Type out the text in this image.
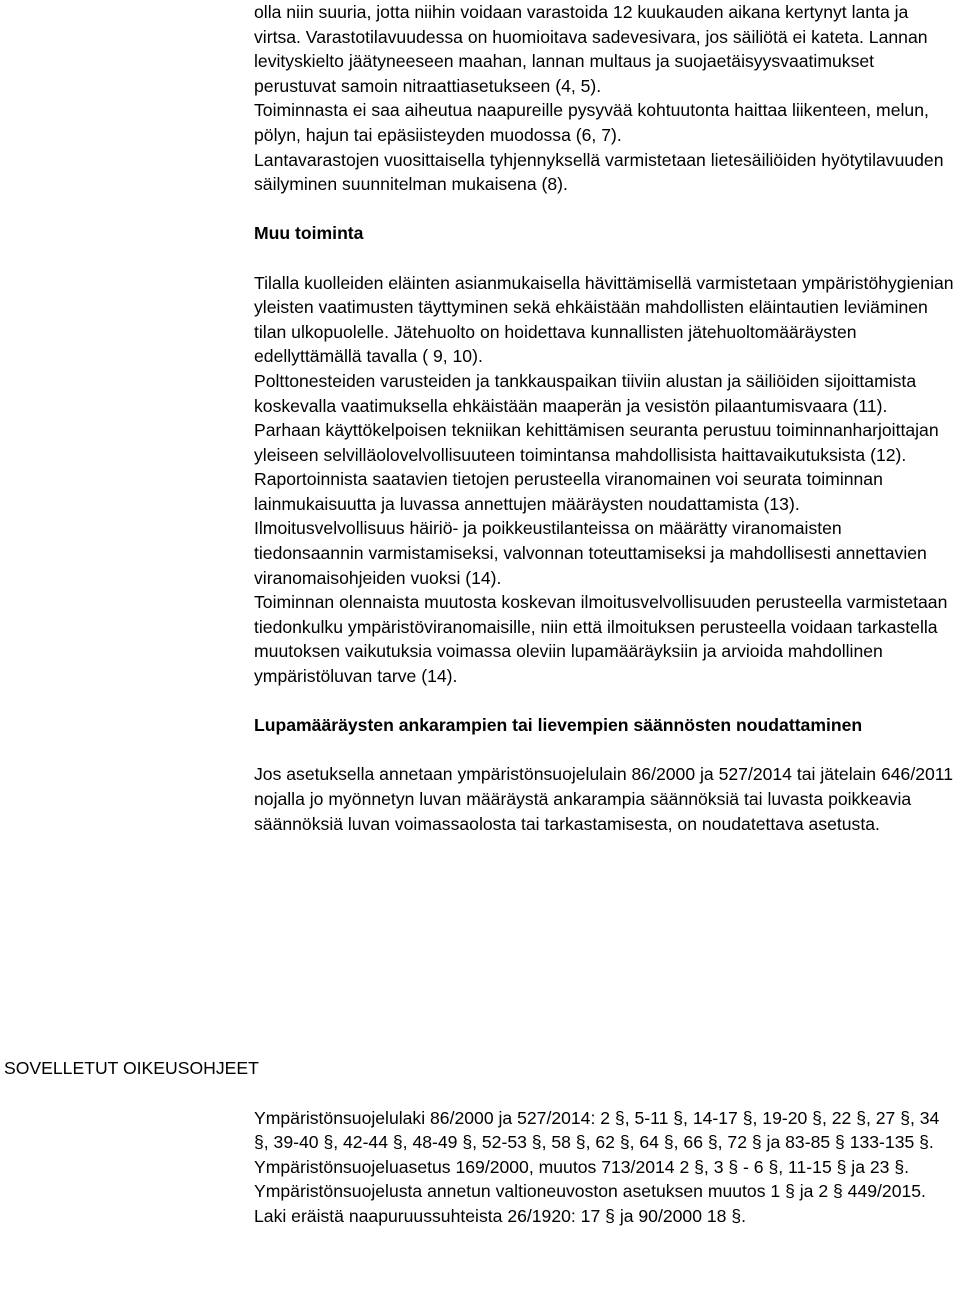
olla niin suuria, jotta niihin voidaan varastoida 12 kuukauden aikana kertynyt lanta ja virtsa. Varastotilavuudessa on huomioitava sadevesivara, jos säiliötä ei kateta. Lannan levityskielto jäätyneeseen maahan, lannan multaus ja suojaetäisyysvaatimukset perustuvat samoin nitraattiasetukseen (4, 5).

Toiminnasta ei saa aiheutua naapureille pysyvää kohtuutonta haittaa liikenteen, melun, pölyn, hajun tai epäsiisteyden muodossa (6, 7).

Lantavarastojen vuosittaisella tyhjennyksellä varmistetaan lietesäiliöiden hyötytilavuuden säilyminen suunnitelman mukaisena (8).

Muu toiminta

Tilalla kuolleiden eläinten asianmukaisella hävittämisellä varmistetaan ympäristöhygienian yleisten vaatimusten täyttyminen sekä ehkäistään mahdollisten eläintautien leviäminen tilan ulkopuolelle. Jätehuolto on hoidettava kunnallisten jätehuoltomääräysten edellyttämällä tavalla ( 9, 10).

Polttonesteiden varusteiden ja tankkauspaikan tiiviin alustan ja säiliöiden sijoittamista koskevalla vaatimuksella ehkäistään maaperän ja vesistön pilaantumisvaara (11).

Parhaan käyttökelpoisen tekniikan kehittämisen seuranta perustuu toiminnanharjoittajan yleiseen selvilläolovelvollisuuteen toimintansa mahdollisista haittavaikutuksista (12).

Raportoinnista saatavien tietojen perusteella viranomainen voi seurata toiminnan lainmukaisuutta ja luvassa annettujen määräysten noudattamista (13).

Ilmoitusvelvollisuus häiriö- ja poikkeustilanteissa on määrätty viranomaisten tiedonsaannin varmistamiseksi, valvonnan toteuttamiseksi ja mahdollisesti annettavien viranomaisohjeiden vuoksi (14).

Toiminnan olennaista muutosta koskevan ilmoitusvelvollisuuden perusteella varmistetaan tiedonkulku ympäristöviranomaisille, niin että ilmoituksen perusteella voidaan tarkastella muutoksen vaikutuksia voimassa oleviin lupamääräyksiin ja arvioida mahdollinen ympäristöluvan tarve (14).

Lupamääräysten ankarampien tai lievempien säännösten noudattaminen

Jos asetuksella annetaan ympäristönsuojelulain 86/2000 ja 527/2014 tai jätelain 646/2011 nojalla jo myönnetyn luvan määräystä ankarampia säännöksiä tai luvasta poikkeavia säännöksiä luvan voimassaolosta tai tarkastamisesta, on noudatettava asetusta.

SOVELLETUT OIKEUSOHJEET

Ympäristönsuojelulaki 86/2000 ja 527/2014: 2 §, 5-11 §, 14-17 §, 19-20 §, 22 §, 27 §, 34 §, 39-40 §, 42-44 §, 48-49 §, 52-53 §, 58 §, 62 §, 64 §, 66 §, 72 § ja 83-85 § 133-135 §.

Ympäristönsuojeluasetus 169/2000, muutos 713/2014 2 §, 3 § - 6 §, 11-15 § ja 23 §.

Ympäristönsuojelusta annetun valtioneuvoston asetuksen muutos 1 § ja 2 § 449/2015.

Laki eräistä naapuruussuhteista 26/1920: 17 § ja 90/2000 18 §.
